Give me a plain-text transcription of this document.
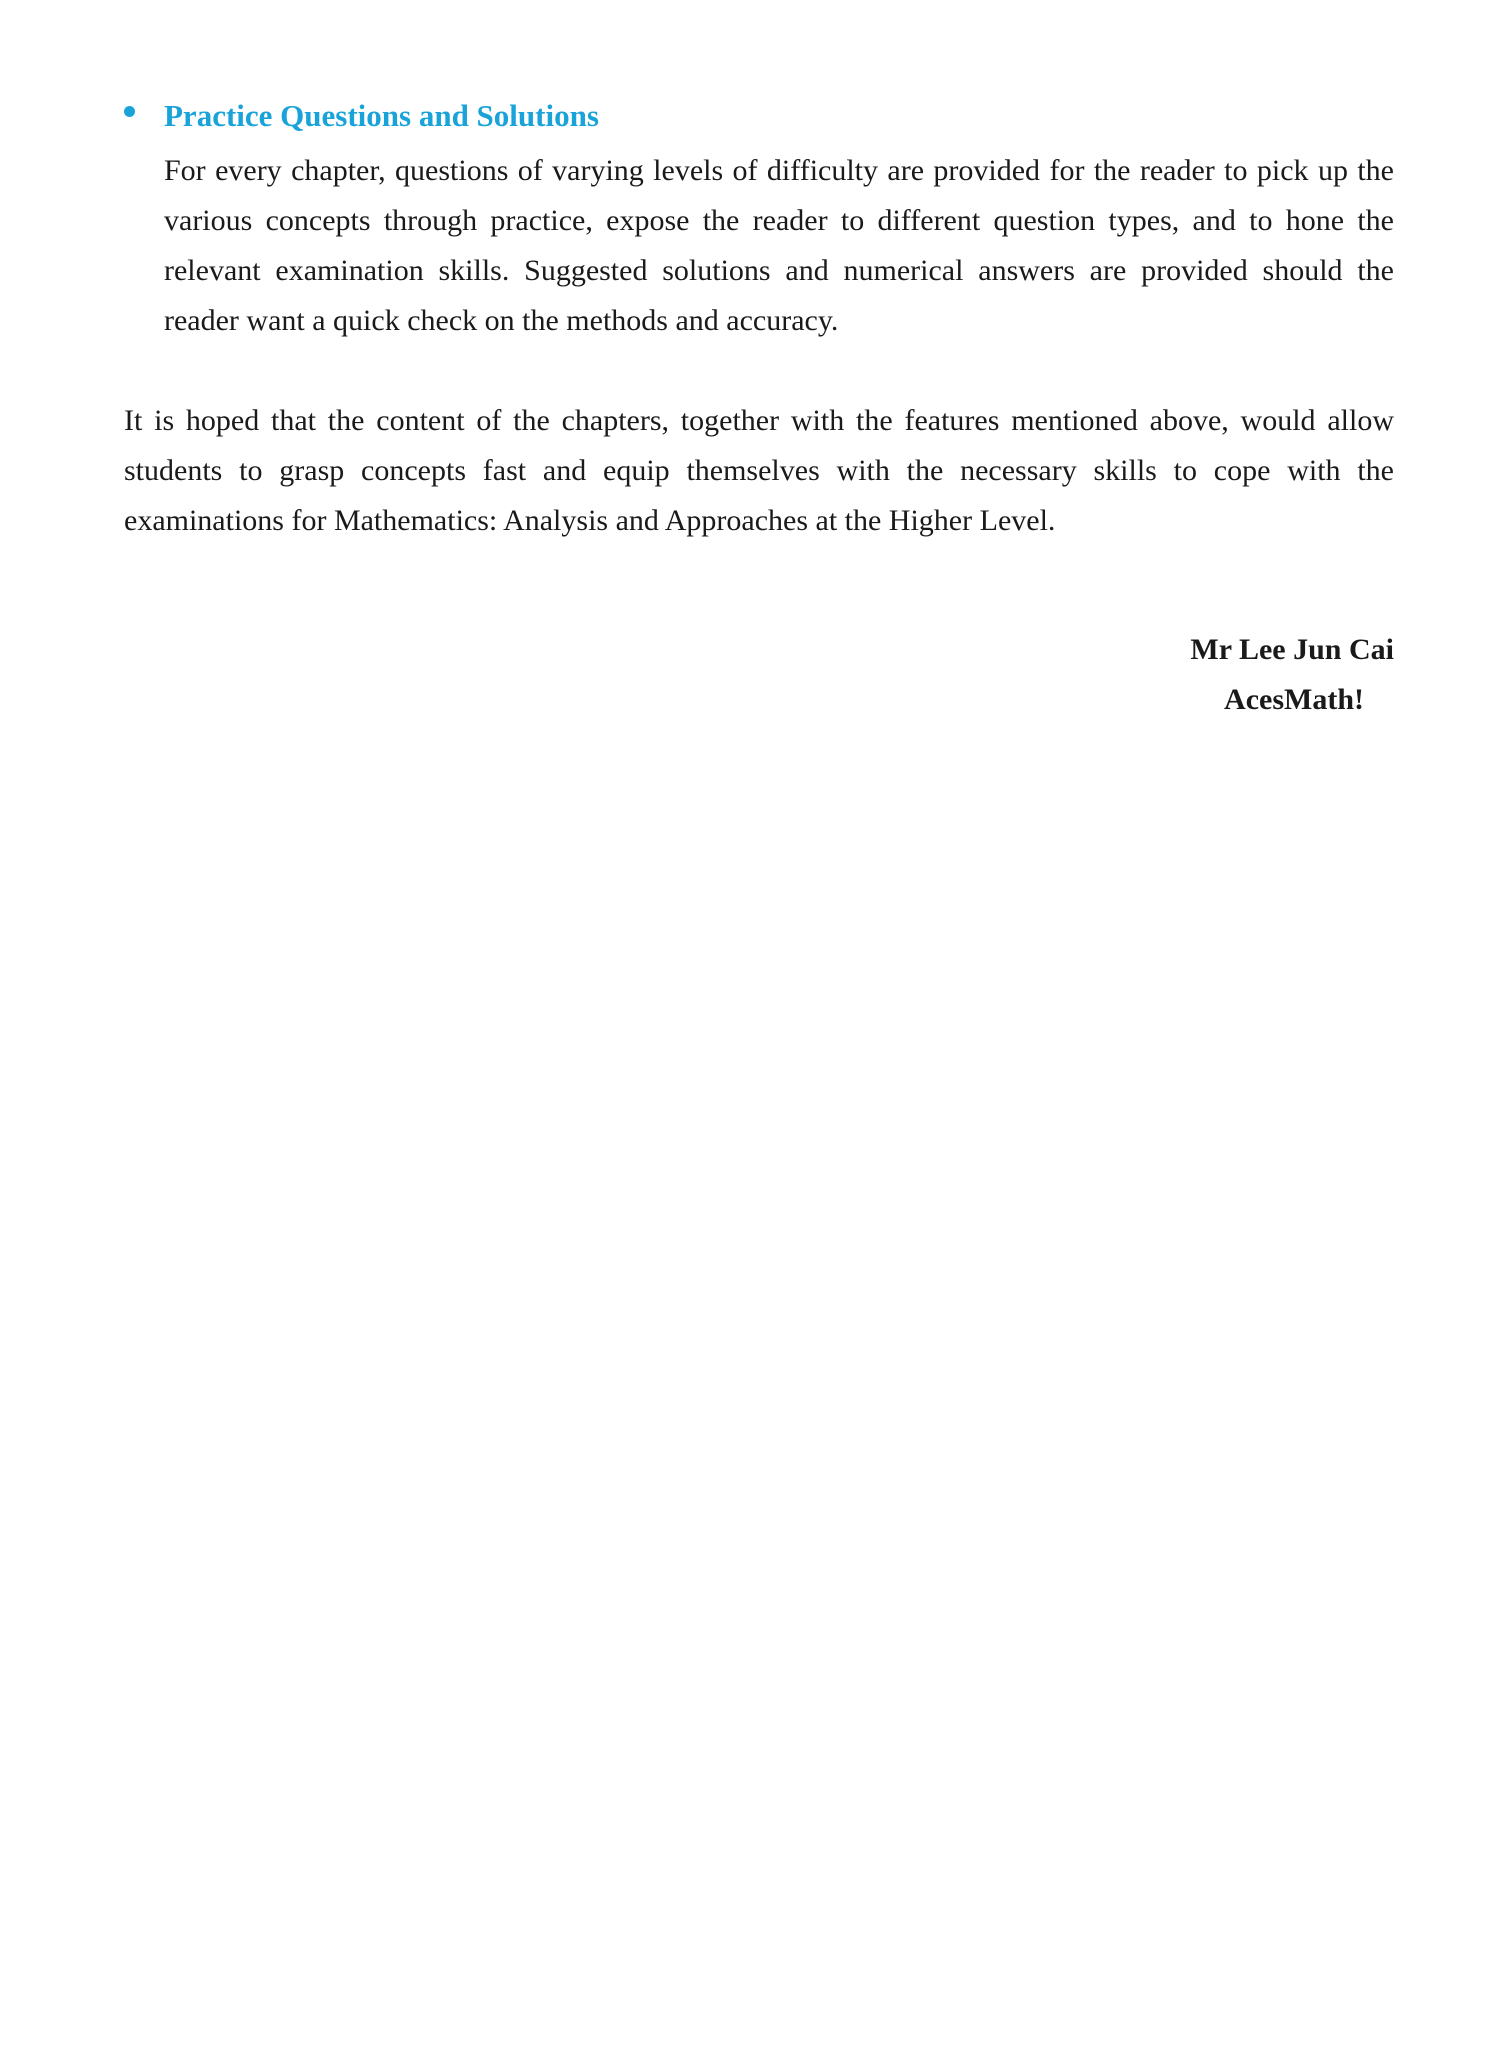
Practice Questions and Solutions
For every chapter, questions of varying levels of difficulty are provided for the reader to pick up the various concepts through practice, expose the reader to different question types, and to hone the relevant examination skills. Suggested solutions and numerical answers are provided should the reader want a quick check on the methods and accuracy.
It is hoped that the content of the chapters, together with the features mentioned above, would allow students to grasp concepts fast and equip themselves with the necessary skills to cope with the examinations for Mathematics: Analysis and Approaches at the Higher Level.
Mr Lee Jun Cai
AcesMath!
